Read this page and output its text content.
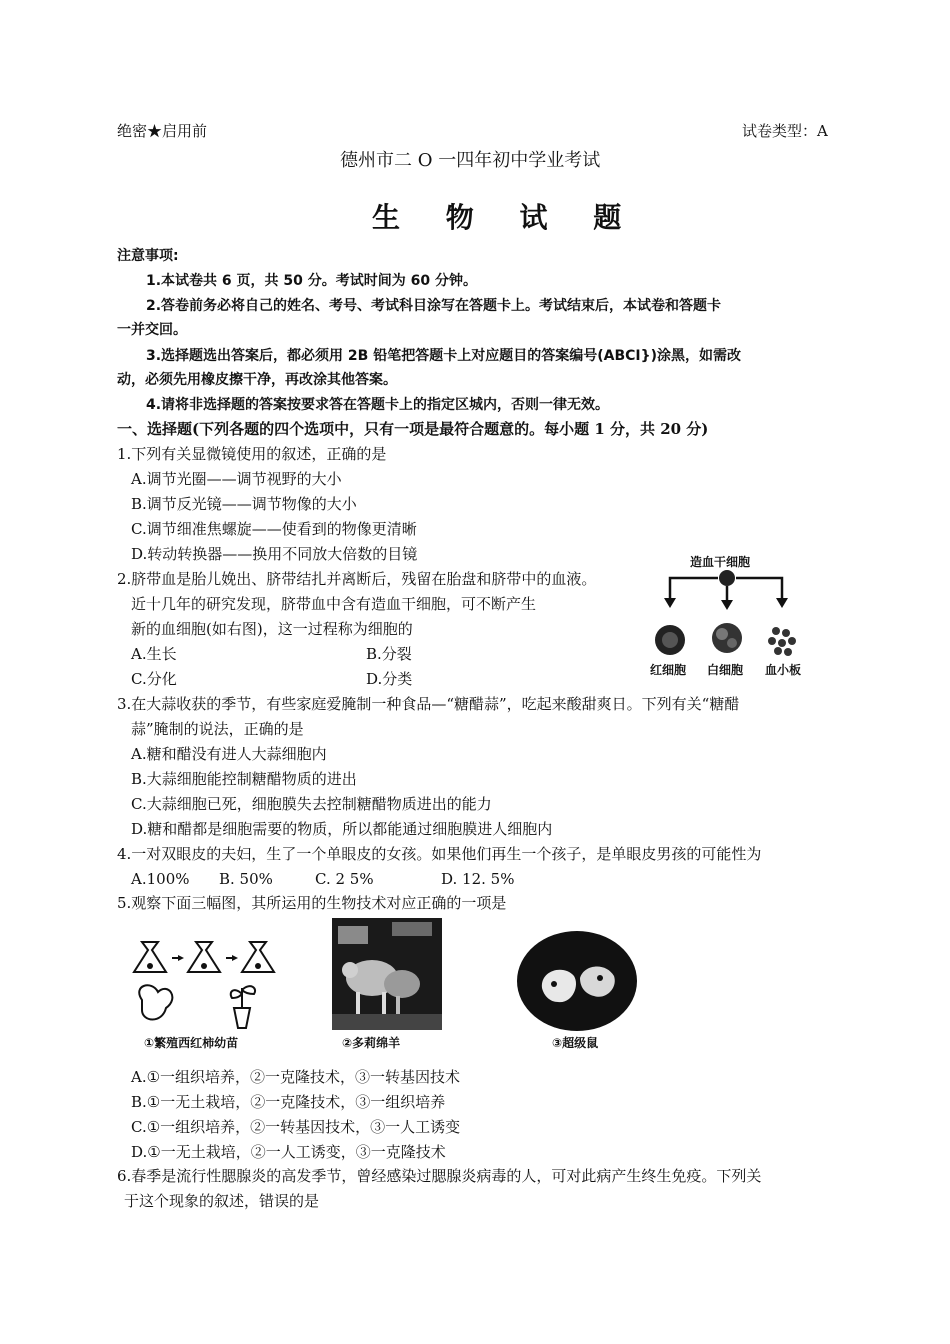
绝密★启用前	试卷类型：A
德州市二 O 一四年初中学业考试
生 物 试 题
注意事项:
1.本试卷共 6 页，共 50 分。考试时间为 60 分钟。
2.答卷前务必将自己的姓名、考号、考试科目涂写在答题卡上。考试结束后，本试卷和答题卡
一并交回。
3.选择题选出答案后，都必须用 2B 铅笔把答题卡上对应题目的答案编号(ABCI})涂黑，如需改
动，必须先用橡皮擦干净，再改涂其他答案。
4.请将非选择题的答案按要求答在答题卡上的指定区城内，否则一律无效。
一、选择题(下列各题的四个选项中，只有一项是最符合题意的。每小题 1 分，共 20 分)
1.下列有关显微镜使用的叙述，正确的是
A.调节光圈——调节视野的大小
B.调节反光镜——调节物像的大小
C.调节细准焦螺旋——使看到的物像更清晰
D.转动转换器——换用不同放大倍数的目镜
2.脐带血是胎儿娩出、脐带结扎并离断后，残留在胎盘和脐带中的血液。
近十几年的研究发现，脐带血中含有造血干细胞，可不断产生
新的血细胞(如右图)，这一过程称为细胞的
A.生长	B.分裂
C.分化	D.分类
造血干细胞
红细胞 白细胞 血小板
3.在大蒜收获的季节，有些家庭爱腌制一种食品—“糖醋蒜”，吃起来酸甜爽日。下列有关“糖醋
蒜”腌制的说法，正确的是
A.糖和醋没有进人大蒜细胞内
B.大蒜细胞能控制糖醋物质的进出
C.大蒜细胞已死，细胞膜失去控制糖醋物质进出的能力
D.糖和醋都是细胞需要的物质，所以都能通过细胞膜进人细胞内
4.一对双眼皮的夫妇，生了一个单眼皮的女孩。如果他们再生一个孩子，是单眼皮男孩的可能性为
A.100% B. 50%	C. 2 5%	D. 12. 5%
5.观察下面三幅图，其所运用的生物技术对应正确的一项是
①繁殖西红柿幼苗	②多莉绵羊	③超级鼠
A.①一组织培养，②一克隆技术，③一转基因技术
B.①一无土栽培，②一克隆技术，③一组织培养
C.①一组织培养，②一转基因技术，③一人工诱变
D.①一无土栽培，②一人工诱变，③一克隆技术
6.春季是流行性腮腺炎的高发季节，曾经感染过腮腺炎病毒的人，可对此病产生终生免疫。下列关
于这个现象的叙述，错误的是
